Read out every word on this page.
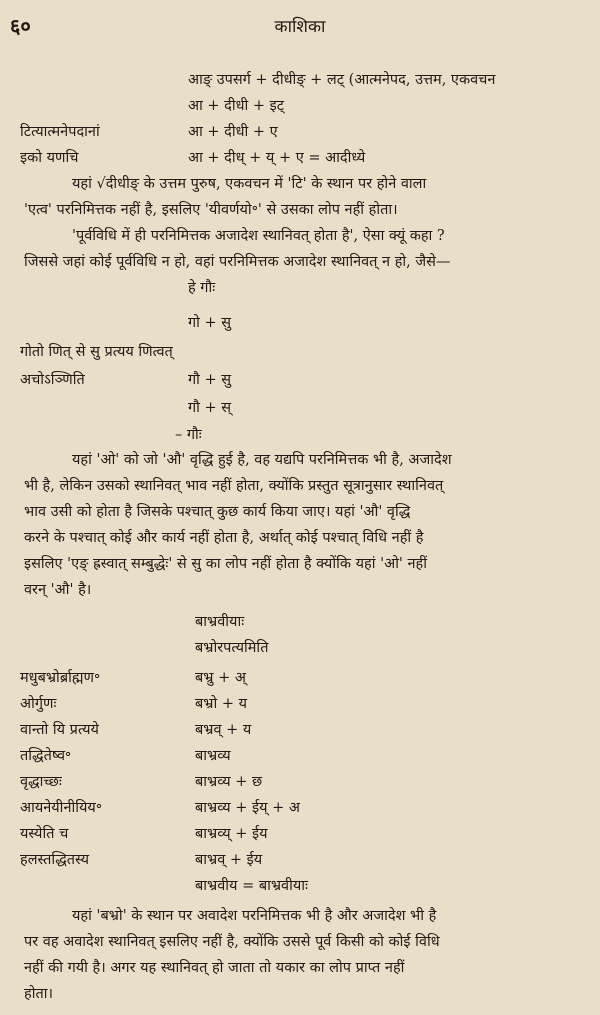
६०	काशिका
आङ् उपसर्ग + दीधीङ् + लट् (आत्मनेपद, उत्तम, एकवचन
आ + दीधी + इट्
टित्यात्मनेपदानां	आ + दीधी + ए
इको यणचि	आ + दीध् + य् + ए = आदीध्ये
यहां √दीधीङ् के उत्तम पुरुष, एकवचन में 'टि' के स्थान पर होने वाला
'एत्व' परनिमित्तक नहीं है, इसलिए 'यीवर्णयो॰' से उसका लोप नहीं होता।
'पूर्वविधि में ही परनिमित्तक अजादेश स्थानिवत् होता है', ऐसा क्यूं कहा ?
जिससे जहां कोई पूर्वविधि न हो, वहां परनिमित्तक अजादेश स्थानिवत् न हो, जैसे—
हे गौः
गो + सु
गोतो णित् से सु प्रत्यय णित्वत्
अचोऽञ्णिति	गौ + सु
गौ + स्
– गौः
यहां 'ओ' को जो 'औ' वृद्धि हुई है, वह यद्यपि परनिमित्तक भी है, अजादेश
भी है, लेकिन उसको स्थानिवत् भाव नहीं होता, क्योंकि प्रस्तुत सूत्रानुसार स्थानिवत्
भाव उसी को होता है जिसके पश्चात् कुछ कार्य किया जाए। यहां 'औ' वृद्धि
करने के पश्चात् कोई और कार्य नहीं होता है, अर्थात् कोई पश्चात् विधि नहीं है
इसलिए 'एङ् ह्रस्वात् सम्बुद्धेः' से सु का लोप नहीं होता है क्योंकि यहां 'ओ' नहीं
वरन् 'औ' है।
बाभ्रवीयाः
बभ्रोरपत्यमिति
मधुबभ्रोर्ब्राह्मण॰	बभ्रु + अ्
ओर्गुणः	बभ्रो + य
वान्तो यि प्रत्यये	बभ्रव् + य
तद्धितेष्व॰	बाभ्रव्य
वृद्धाच्छः	बाभ्रव्य + छ
आयनेयीनीयिय॰	बाभ्रव्य + ईय् + अ
यस्येति च	बाभ्रव्य् + ईय
हलस्तद्धितस्य	बाभ्रव् + ईय
बाभ्रवीय = बाभ्रवीयाः
यहां 'बभ्रो' के स्थान पर अवादेश परनिमित्तक भी है और अजादेश भी है
पर वह अवादेश स्थानिवत् इसलिए नहीं है, क्योंकि उससे पूर्व किसी को कोई विधि
नहीं की गयी है। अगर यह स्थानिवत् हो जाता तो यकार का लोप प्राप्त नहीं
होता।
